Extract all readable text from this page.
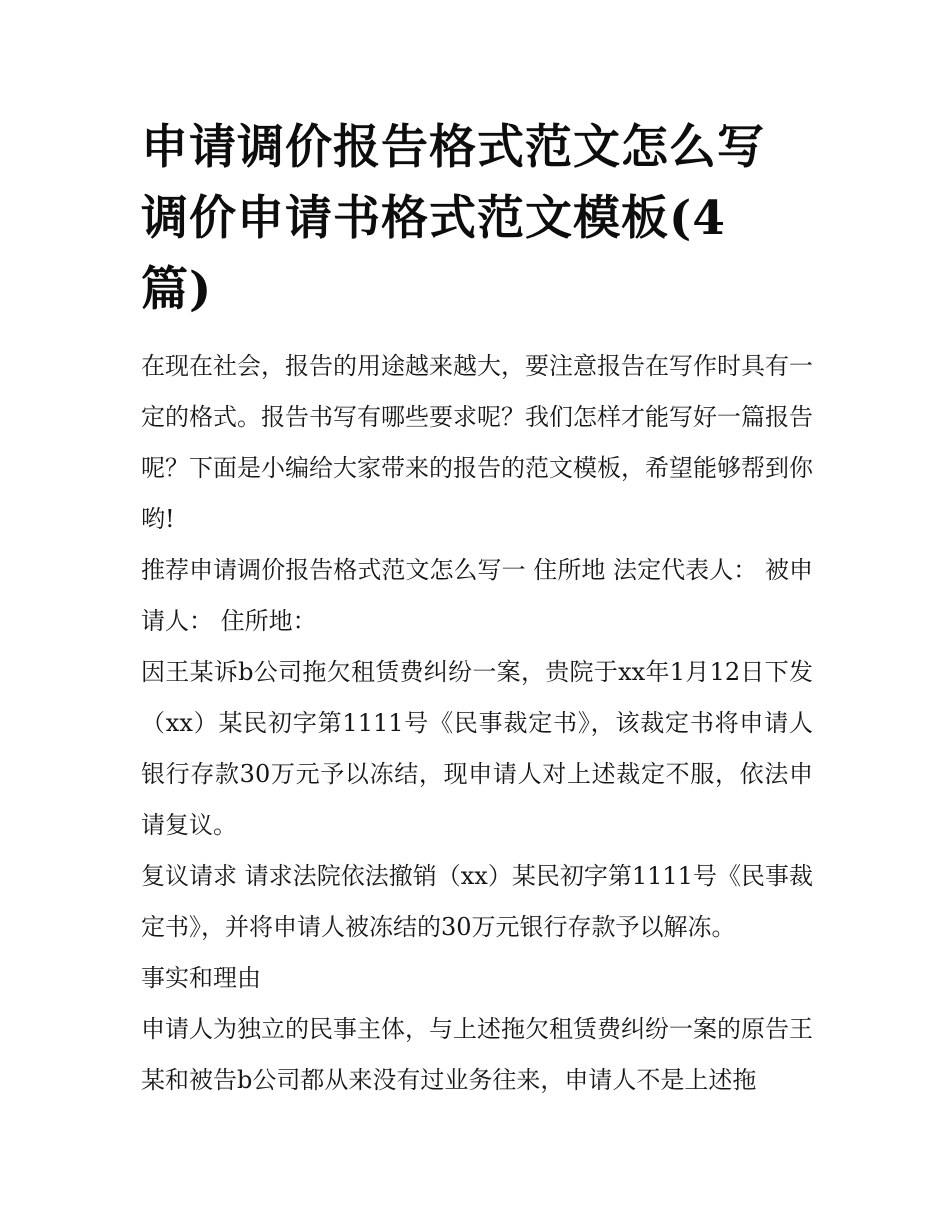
申请调价报告格式范文怎么写
调价申请书格式范文模板(4
篇)

在现在社会，报告的用途越来越大，要注意报告在写作时具有一定的格式。报告书写有哪些要求呢？我们怎样才能写好一篇报告呢？下面是小编给大家带来的报告的范文模板，希望能够帮到你哟!

推荐申请调价报告格式范文怎么写一 住所地 法定代表人： 被申请人： 住所地：

因王某诉b公司拖欠租赁费纠纷一案，贵院于xx年1月12日下发（xx）某民初字第1111号《民事裁定书》，该裁定书将申请人银行存款30万元予以冻结，现申请人对上述裁定不服，依法申请复议。

复议请求 请求法院依法撤销（xx）某民初字第1111号《民事裁定书》，并将申请人被冻结的30万元银行存款予以解冻。

事实和理由

申请人为独立的民事主体，与上述拖欠租赁费纠纷一案的原告王某和被告b公司都从来没有过业务往来，申请人不是上述拖
